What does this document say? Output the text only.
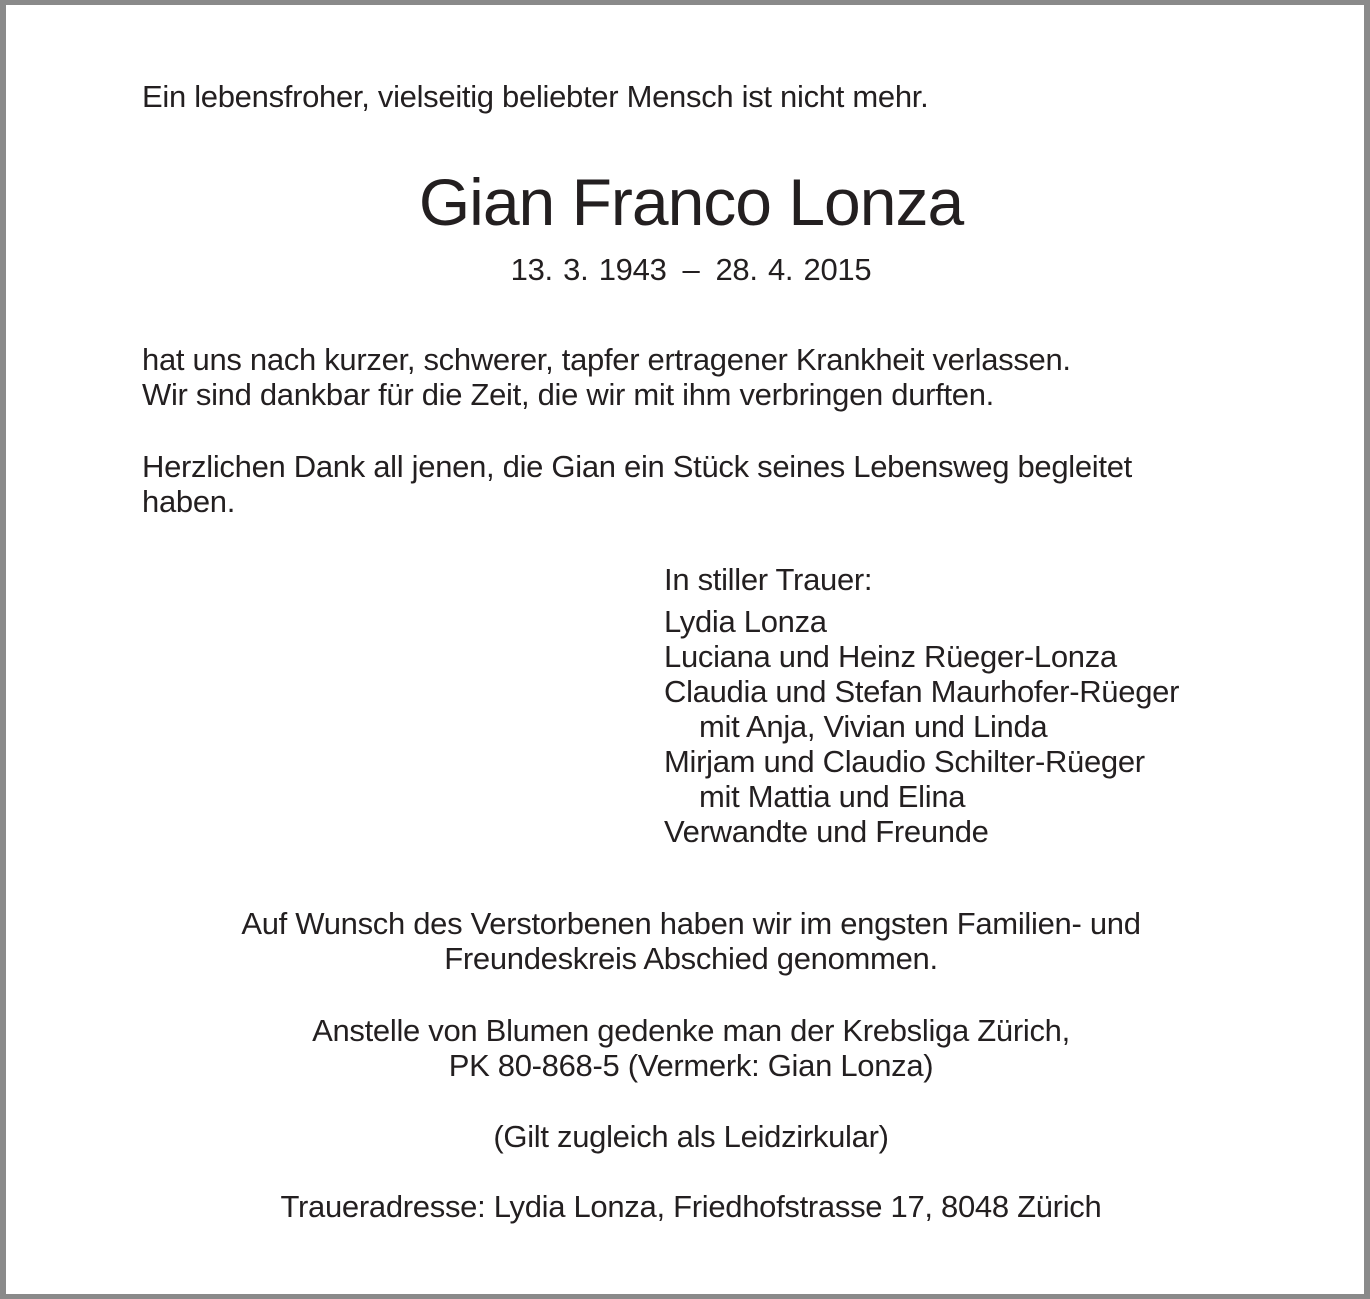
Ein lebensfroher, vielseitig beliebter Mensch ist nicht mehr.
Gian Franco Lonza
13. 3. 1943 – 28. 4. 2015
hat uns nach kurzer, schwerer, tapfer ertragener Krankheit verlassen.
Wir sind dankbar für die Zeit, die wir mit ihm verbringen durften.
Herzlichen Dank all jenen, die Gian ein Stück seines Lebensweg begleitet
haben.
In stiller Trauer:
Lydia Lonza
Luciana und Heinz Rüeger-Lonza
Claudia und Stefan Maurhofer-Rüeger
mit Anja, Vivian und Linda
Mirjam und Claudio Schilter-Rüeger
mit Mattia und Elina
Verwandte und Freunde
Auf Wunsch des Verstorbenen haben wir im engsten Familien- und
Freundeskreis Abschied genommen.
Anstelle von Blumen gedenke man der Krebsliga Zürich,
PK 80-868-5 (Vermerk: Gian Lonza)
(Gilt zugleich als Leidzirkular)
Traueradresse: Lydia Lonza, Friedhofstrasse 17, 8048 Zürich
